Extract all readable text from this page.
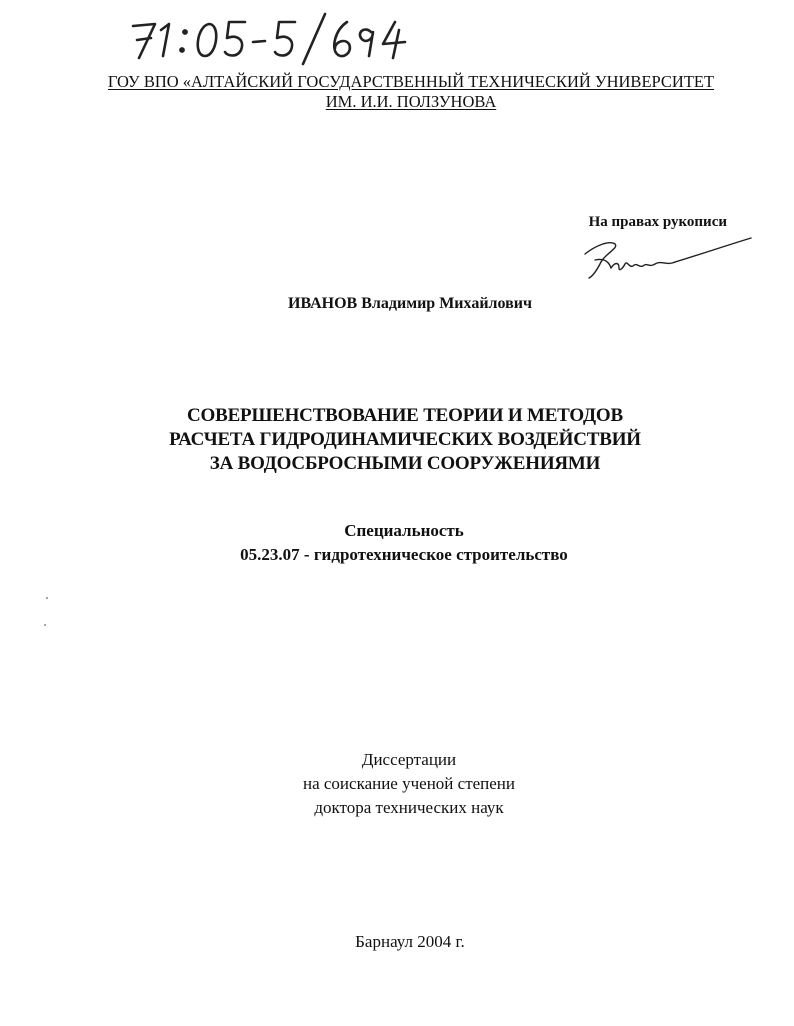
ГОУ ВПО «АЛТАЙСКИЙ ГОСУДАРСТВЕННЫЙ ТЕХНИЧЕСКИЙ УНИВЕРСИТЕТ
ИМ. И.И. ПОЛЗУНОВА
На правах рукописи
ИВАНОВ Владимир Михайлович
СОВЕРШЕНСТВОВАНИЕ ТЕОРИИ И МЕТОДОВ
РАСЧЕТА ГИДРОДИНАМИЧЕСКИХ ВОЗДЕЙСТВИЙ
ЗА ВОДОСБРОСНЫМИ СООРУЖЕНИЯМИ
Специальность
05.23.07 - гидротехническое строительство
Диссертации
на соискание ученой степени
доктора технических наук
Барнаул 2004 г.
